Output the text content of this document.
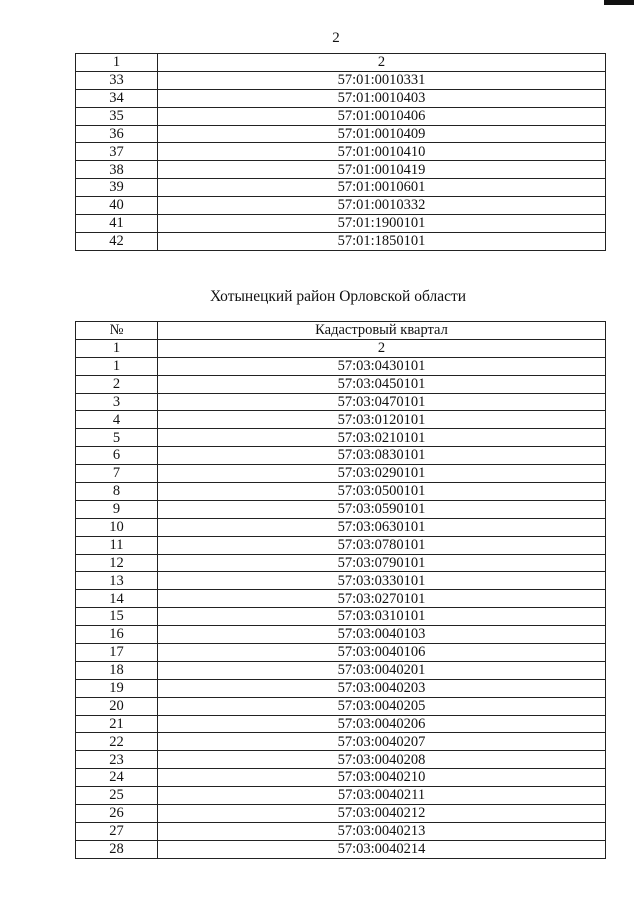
2
1	2
33	57:01:0010331
34	57:01:0010403
35	57:01:0010406
36	57:01:0010409
37	57:01:0010410
38	57:01:0010419
39	57:01:0010601
40	57:01:0010332
41	57:01:1900101
42	57:01:1850101
Хотынецкий район Орловской области
№	Кадастровый квартал
1	2
1	57:03:0430101
2	57:03:0450101
3	57:03:0470101
4	57:03:0120101
5	57:03:0210101
6	57:03:0830101
7	57:03:0290101
8	57:03:0500101
9	57:03:0590101
10	57:03:0630101
11	57:03:0780101
12	57:03:0790101
13	57:03:0330101
14	57:03:0270101
15	57:03:0310101
16	57:03:0040103
17	57:03:0040106
18	57:03:0040201
19	57:03:0040203
20	57:03:0040205
21	57:03:0040206
22	57:03:0040207
23	57:03:0040208
24	57:03:0040210
25	57:03:0040211
26	57:03:0040212
27	57:03:0040213
28	57:03:0040214
